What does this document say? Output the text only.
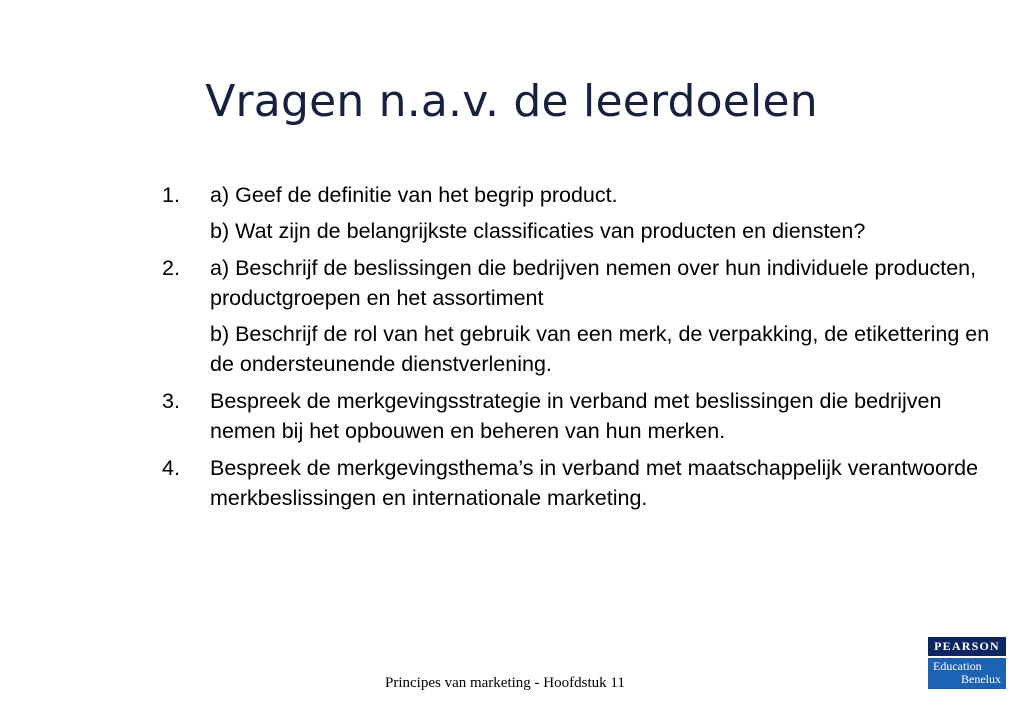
Vragen n.a.v. de leerdoelen
1. a) Geef de definitie van het begrip product.

b) Wat zijn de belangrijkste classificaties van producten en diensten?

2. a) Beschrijf de beslissingen die bedrijven nemen over hun individuele producten, productgroepen en het assortiment

b) Beschrijf de rol van het gebruik van een merk, de verpakking, de etikettering en de ondersteunende dienstverlening.

3. Bespreek de merkgevingsstrategie in verband met beslissingen die bedrijven nemen bij het opbouwen en beheren van hun merken.

4. Bespreek de merkgevingsthema’s in verband met maatschappelijk verantwoorde merkbeslissingen en internationale marketing.

Principes van marketing - Hoofdstuk 11
PEARSON
Education
Benelux
